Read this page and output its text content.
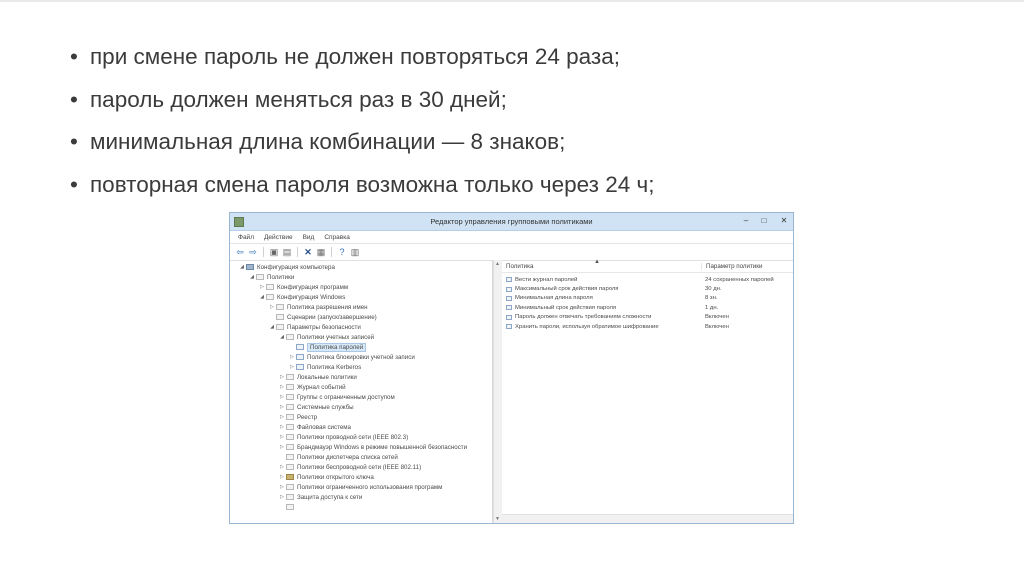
• при смене пароль не должен повторяться 24 раза;
• пароль должен меняться раз в 30 дней;
• минимальная длина комбинации — 8 знаков;
• повторная смена пароля возможна только через 24 ч;
Редактор управления групповыми политиками	–	□	✕
Файл Действие Вид Справка
⇦ ⇨ ▣ ▤ ✕ ▦ ? ▥
◢	Конфигурация компьютера
◢	Политики
▷	Конфигурация программ
◢	Конфигурация Windows
▷	Политика разрешения имен
Сценарии (запуск/завершение)
◢	Параметры безопасности
◢	Политики учетных записей
Политика паролей
▷	Политика блокировки учетной записи
▷	Политика Kerberos
▷	Локальные политики
▷	Журнал событий
▷	Группы с ограниченным доступом
▷	Системные службы
▷	Реестр
▷	Файловая система
▷	Политики проводной сети (IEEE 802.3)
▷	Брандмауэр Windows в режиме повышенной безопасности
Политики диспетчера списка сетей
▷	Политики беспроводной сети (IEEE 802.11)
▷	Политики открытого ключа
▷	Политики ограниченного использования программ
▷	Защита доступа к сети
▲
▼
▲
Политика	Параметр политики
Вести журнал паролей	24 сохраненных паролей
Максимальный срок действия пароля	30 дн.
Минимальная длина пароля	8 зн.
Минимальный срок действия пароля	1 дн.
Пароль должен отвечать требованиям сложности	Включен
Хранить пароли, используя обратимое шифрование	Включен
